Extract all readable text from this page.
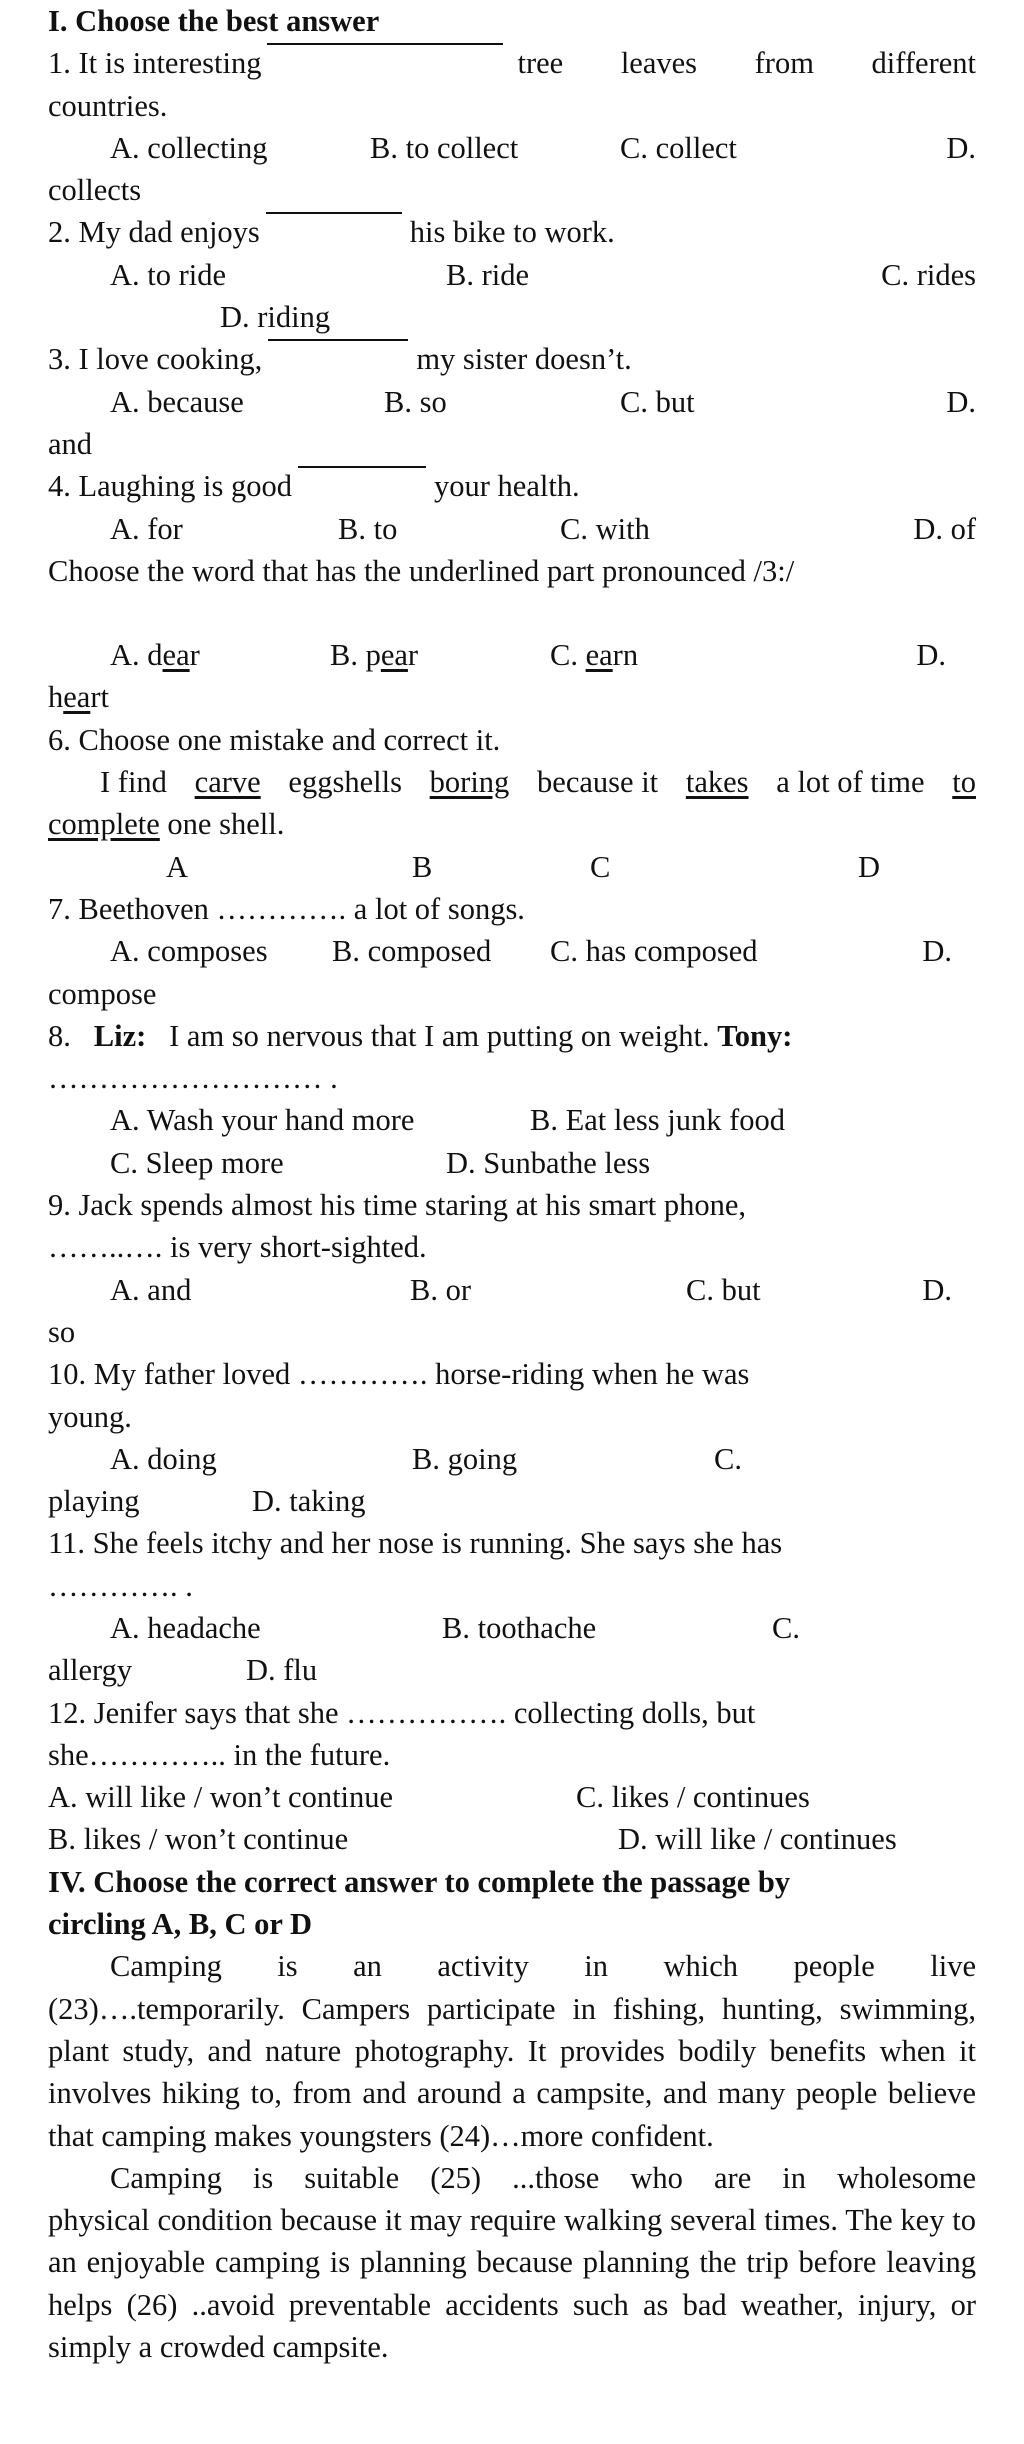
I. Choose the best answer
1. It is interesting	tree leaves from different
countries.
A. collecting	B. to collect	C. collect	D.
collects
2. My dad enjoys	his bike to work.
A. to ride	B. ride	C. rides
D. riding
3. I love cooking,	my sister doesn’t.
A. because	B. so	C. but	D.
and
4. Laughing is good	your health.
A. for	B. to	C. with	D. of
Choose the word that has the underlined part pronounced /3:/
A. dear	B. pear	C. earn	D.
heart
6. Choose one mistake and correct it.
I find carve eggshells boring because it takes a lot of time to
complete one shell.
A	B	C	D
7. Beethoven …………. a lot of songs.
A. composes	B. composed	C. has composed	D.
compose
8. Liz: I am so nervous that I am putting on weight. Tony:
……………………… .
A. Wash your hand more	B. Eat less junk food
C. Sleep more	D. Sunbathe less
9. Jack spends almost his time staring at his smart phone,
……..…. is very short-sighted.
A. and	B. or	C. but	D.
so
10. My father loved …………. horse-riding when he was
young.
A. doing	B. going	C.
playing	D. taking
11. She feels itchy and her nose is running. She says she has
…………. .
A. headache	B. toothache	C.
allergy	D. flu
12. Jenifer says that she ……………. collecting dolls, but
she………….. in the future.
A. will like / won’t continue	C. likes / continues
B. likes / won’t continue	D. will like / continues
IV. Choose the correct answer to complete the passage by
circling A, B, C or D
Camping is an activity in which people live
(23)….temporarily. Campers participate in fishing, hunting, swimming, plant study, and nature photography. It provides bodily benefits when it involves hiking to, from and around a campsite, and many people believe that camping makes youngsters (24)…more confident.
Camping is suitable (25) ...those who are in wholesome
physical condition because it may require walking several times. The key to an enjoyable camping is planning because planning the trip before leaving helps (26) ..avoid preventable accidents such as bad weather, injury, or simply a crowded campsite.
